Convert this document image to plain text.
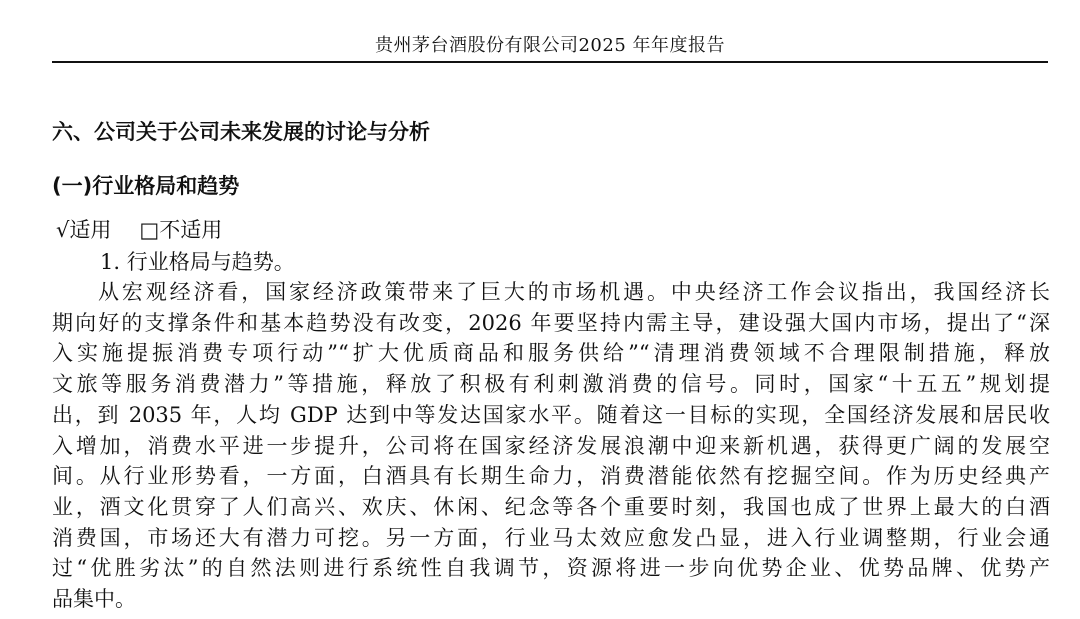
贵州茅台酒股份有限公司2025 年年度报告
六、公司关于公司未来发展的讨论与分析
(一)行业格局和趋势
√适用 □不适用
1. 行业格局与趋势。
从宏观经济看，国家经济政策带来了巨大的市场机遇。中央经济工作会议指出，我国经济长
期向好的支撑条件和基本趋势没有改变，2026 年要坚持内需主导，建设强大国内市场，提出了“深
入实施提振消费专项行动”“扩大优质商品和服务供给”“清理消费领域不合理限制措施，释放
文旅等服务消费潜力”等措施，释放了积极有利刺激消费的信号。同时，国家“十五五”规划提
出，到 2035 年，人均 GDP 达到中等发达国家水平。随着这一目标的实现，全国经济发展和居民收
入增加，消费水平进一步提升，公司将在国家经济发展浪潮中迎来新机遇，获得更广阔的发展空
间。从行业形势看，一方面，白酒具有长期生命力，消费潜能依然有挖掘空间。作为历史经典产
业，酒文化贯穿了人们高兴、欢庆、休闲、纪念等各个重要时刻，我国也成了世界上最大的白酒
消费国，市场还大有潜力可挖。另一方面，行业马太效应愈发凸显，进入行业调整期，行业会通
过“优胜劣汰”的自然法则进行系统性自我调节，资源将进一步向优势企业、优势品牌、优势产
品集中。
